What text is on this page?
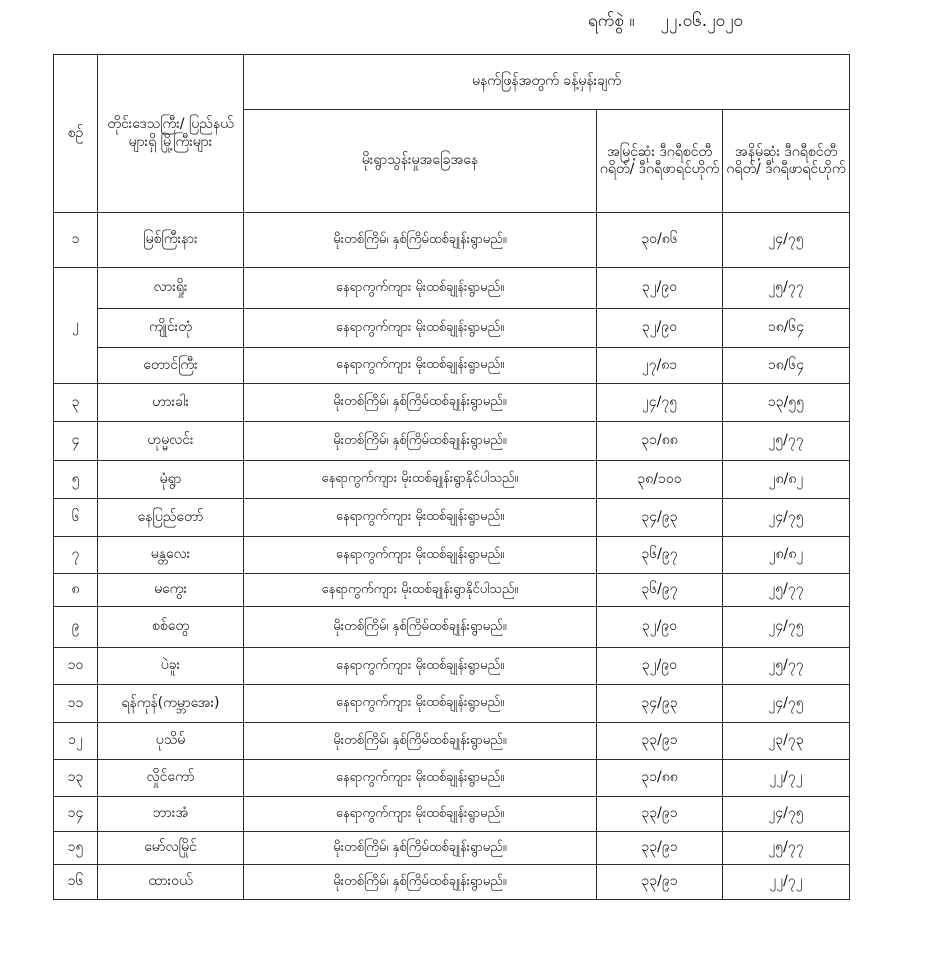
ရက်စွဲ ။ ၂၂.၀၆.၂၀၂၀
စဉ်	တိုင်းဒေသကြီး/ ပြည်နယ်များရှိ မြို့ကြီးများ	မနက်ဖြန်အတွက် ခန့်မှန်းချက်		
		မိုးရွာသွန်းမှုအခြေအနေ	အမြင့်ဆုံး ဒီဂရီစင်တီဂရိတ်/ ဒီဂရီဖာရင်ဟိုက်	အနိမ့်ဆုံး ဒီဂရီစင်တီဂရိတ်/ ဒီဂရီဖာရင်ဟိုက်
၁	မြစ်ကြီးနား	မိုးတစ်ကြိမ်၊ နှစ်ကြိမ်ထစ်ချုန်းရွာမည်။	၃၀/၈၆	၂၄/၇၅
၂	လားရှိုး	နေရာကွက်ကျား မိုးထစ်ချုန်းရွာမည်။	၃၂/၉၀	၂၅/၇၇
	ကျိုင်းတုံ	နေရာကွက်ကျား မိုးထစ်ချုန်းရွာမည်။	၃၂/၉၀	၁၈/၆၄
	တောင်ကြီး	နေရာကွက်ကျား မိုးထစ်ချုန်းရွာမည်။	၂၇/၈၁	၁၈/၆၄
၃	ဟားခါး	မိုးတစ်ကြိမ်၊ နှစ်ကြိမ်ထစ်ချုန်းရွာမည်။	၂၄/၇၅	၁၃/၅၅
၄	ဟုမ္မလင်း	မိုးတစ်ကြိမ်၊ နှစ်ကြိမ်ထစ်ချုန်းရွာမည်။	၃၁/၈၈	၂၅/၇၇
၅	မုံရွာ	နေရာကွက်ကျား မိုးထစ်ချုန်းရွာနိုင်ပါသည်။	၃၈/၁၀၀	၂၈/၈၂
၆	နေပြည်တော်	နေရာကွက်ကျား မိုးထစ်ချုန်းရွာမည်။	၃၄/၉၃	၂၄/၇၅
၇	မန္တလေး	နေရာကွက်ကျား မိုးထစ်ချုန်းရွာမည်။	၃၆/၉၇	၂၈/၈၂
၈	မကွေး	နေရာကွက်ကျား မိုးထစ်ချုန်းရွာနိုင်ပါသည်။	၃၆/၉၇	၂၅/၇၇
၉	စစ်တွေ	မိုးတစ်ကြိမ်၊ နှစ်ကြိမ်ထစ်ချုန်းရွာမည်။	၃၂/၉၀	၂၄/၇၅
၁၀	ပဲခူး	နေရာကွက်ကျား မိုးထစ်ချုန်းရွာမည်။	၃၂/၉၀	၂၅/၇၇
၁၁	ရန်ကုန်(ကမ္ဘာအေး)	နေရာကွက်ကျား မိုးထစ်ချုန်းရွာမည်။	၃၄/၉၃	၂၄/၇၅
၁၂	ပုသိမ်	မိုးတစ်ကြိမ်၊ နှစ်ကြိမ်ထစ်ချုန်းရွာမည်။	၃၃/၉၁	၂၃/၇၃
၁၃	လှိုင်ကော်	နေရာကွက်ကျား မိုးထစ်ချုန်းရွာမည်။	၃၁/၈၈	၂၂/၇၂
၁၄	ဘားအံ	နေရာကွက်ကျား မိုးထစ်ချုန်းရွာမည်။	၃၃/၉၁	၂၄/၇၅
၁၅	မော်လမြိုင်	မိုးတစ်ကြိမ်၊ နှစ်ကြိမ်ထစ်ချုန်းရွာမည်။	၃၃/၉၁	၂၅/၇၇
၁၆	ထားဝယ်	မိုးတစ်ကြိမ်၊ နှစ်ကြိမ်ထစ်ချုန်းရွာမည်။	၃၃/၉၁	၂၂/၇၂
